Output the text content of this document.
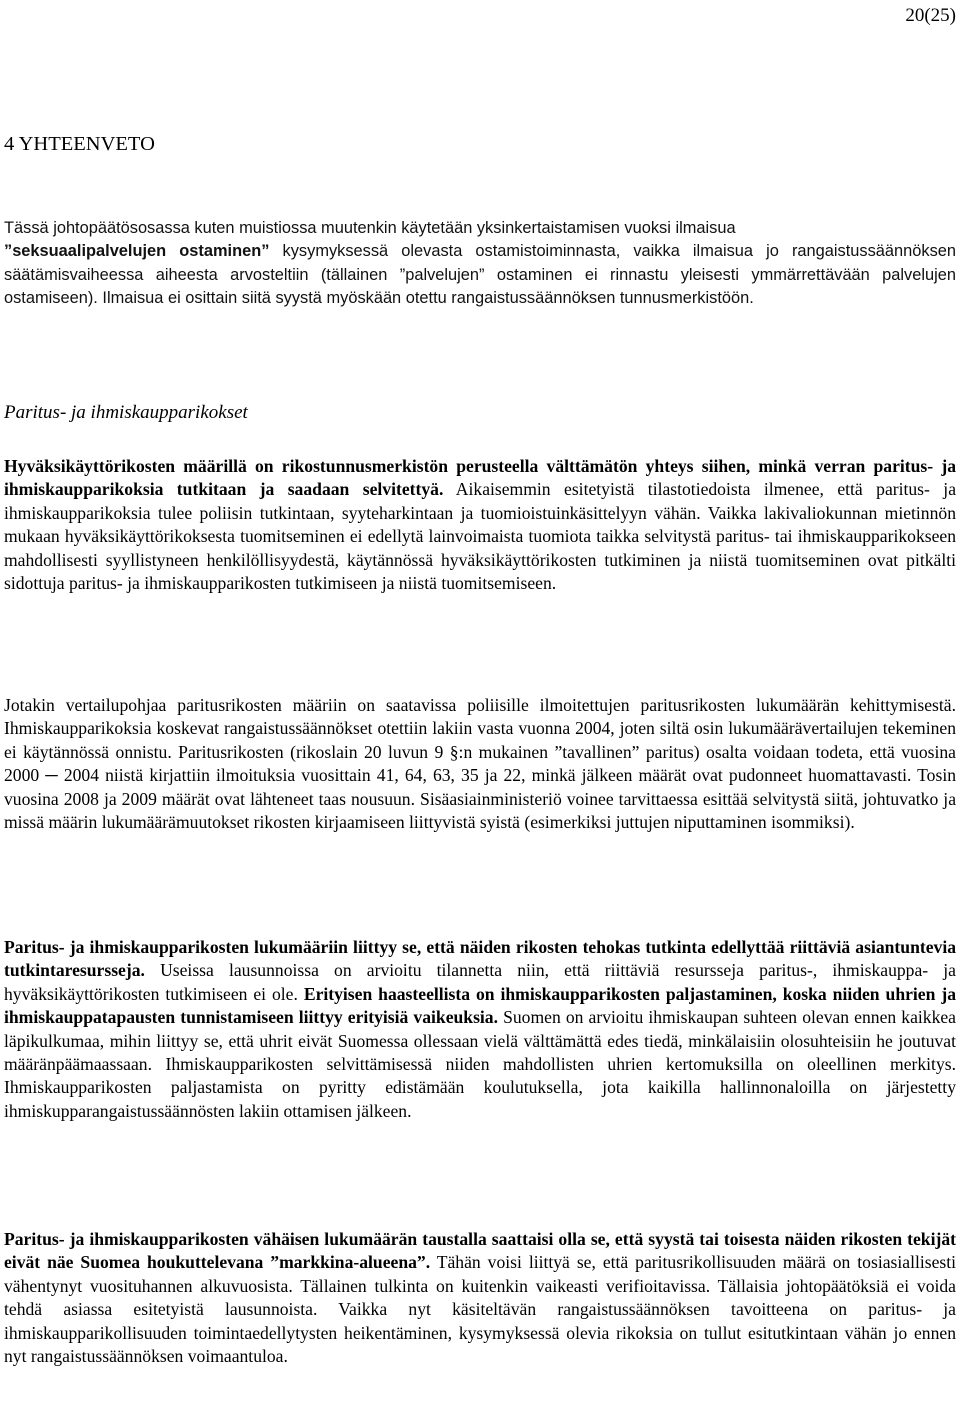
20(25)
4 YHTEENVETO

Tässä johtopäätösosassa kuten muistiossa muutenkin käytetään yksinkertaistamisen vuoksi ilmaisua
”seksuaalipalvelujen ostaminen” kysymyksessä olevasta ostamistoiminnasta, vaikka ilmaisua jo rangaistussäännöksen säätämisvaiheessa aiheesta arvosteltiin (tällainen ”palvelujen” ostaminen ei rinnastu yleisesti ymmärrettävään palvelujen ostamiseen). Ilmaisua ei osittain siitä syystä myöskään otettu rangaistussäännöksen tunnusmerkistöön.

Paritus- ja ihmiskaupparikokset

Hyväksikäyttörikosten määrillä on rikostunnusmerkistön perusteella välttämätön yhteys siihen, minkä verran paritus- ja ihmiskaupparikoksia tutkitaan ja saadaan selvitettyä. Aikaisemmin esitetyistä tilastotiedoista ilmenee, että paritus- ja ihmiskaupparikoksia tulee poliisin tutkintaan, syyteharkintaan ja tuomioistuinkäsittelyyn vähän. Vaikka lakivaliokunnan mietinnön mukaan hyväksikäyttörikoksesta tuomitseminen ei edellytä lainvoimaista tuomiota taikka selvitystä paritus- tai ihmiskaupparikokseen mahdollisesti syyllistyneen henkilöllisyydestä, käytännössä hyväksikäyttörikosten tutkiminen ja niistä tuomitseminen ovat pitkälti sidottuja paritus- ja ihmiskaupparikosten tutkimiseen ja niistä tuomitsemiseen.

Jotakin vertailupohjaa paritusrikosten määriin on saatavissa poliisille ilmoitettujen paritusrikosten lukumäärän kehittymisestä. Ihmiskaupparikoksia koskevat rangaistussäännökset otettiin lakiin vasta vuonna 2004, joten siltä osin lukumäärävertailujen tekeminen ei käytännössä onnistu. Paritusrikosten (rikoslain 20 luvun 9 §:n mukainen ”tavallinen” paritus) osalta voidaan todeta, että vuosina 2000 ─ 2004 niistä kirjattiin ilmoituksia vuosittain 41, 64, 63, 35 ja 22, minkä jälkeen määrät ovat pudonneet huomattavasti. Tosin vuosina 2008 ja 2009 määrät ovat lähteneet taas nousuun. Sisäasiainministeriö voinee tarvittaessa esittää selvitystä siitä, johtuvatko ja missä määrin lukumäärämuutokset rikosten kirjaamiseen liittyvistä syistä (esimerkiksi juttujen niputtaminen isommiksi).

Paritus- ja ihmiskaupparikosten lukumääriin liittyy se, että näiden rikosten tehokas tutkinta edellyttää riittäviä asiantuntevia tutkintaresursseja. Useissa lausunnoissa on arvioitu tilannetta niin, että riittäviä resursseja paritus-, ihmiskauppa- ja hyväksikäyttörikosten tutkimiseen ei ole. Erityisen haasteellista on ihmiskaupparikosten paljastaminen, koska niiden uhrien ja ihmiskauppatapausten tunnistamiseen liittyy erityisiä vaikeuksia. Suomen on arvioitu ihmiskaupan suhteen olevan ennen kaikkea läpikulkumaa, mihin liittyy se, että uhrit eivät Suomessa ollessaan vielä välttämättä edes tiedä, minkälaisiin olosuhteisiin he joutuvat määränpäämaassaan. Ihmiskaupparikosten selvittämisessä niiden mahdollisten uhrien kertomuksilla on oleellinen merkitys. Ihmiskaupparikosten paljastamista on pyritty edistämään koulutuksella, jota kaikilla hallinnonaloilla on järjestetty ihmiskupparangaistussäännösten lakiin ottamisen jälkeen.

Paritus- ja ihmiskaupparikosten vähäisen lukumäärän taustalla saattaisi olla se, että syystä tai toisesta näiden rikosten tekijät eivät näe Suomea houkuttelevana ”markkina-alueena”. Tähän voisi liittyä se, että paritusrikollisuuden määrä on tosiasiallisesti vähentynyt vuosituhannen alkuvuosista. Tällainen tulkinta on kuitenkin vaikeasti verifioitavissa. Tällaisia johtopäätöksiä ei voida tehdä asiassa esitetyistä lausunnoista. Vaikka nyt käsiteltävän rangaistussäännöksen tavoitteena on paritus- ja ihmiskaupparikollisuuden toimintaedellytysten heikentäminen, kysymyksessä olevia rikoksia on tullut esitutkintaan vähän jo ennen nyt rangaistussäännöksen voimaantuloa.
